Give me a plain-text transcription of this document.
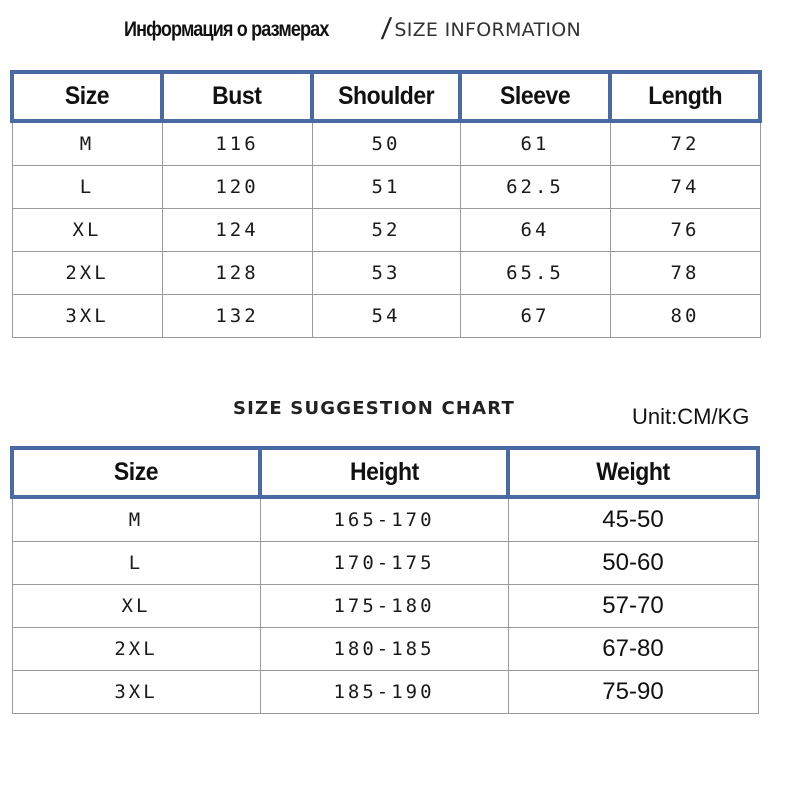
Информация о размерах	/ SIZE INFORMATION
Size	Bust	Shoulder	Sleeve	Length
M	116	50	61	72
L	120	51	62.5	74
XL	124	52	64	76
2XL	128	53	65.5	78
3XL	132	54	67	80
SIZE SUGGESTION CHART	Unit:CM/KG
Size	Height	Weight
M	165-170	45-50
L	170-175	50-60
XL	175-180	57-70
2XL	180-185	67-80
3XL	185-190	75-90
